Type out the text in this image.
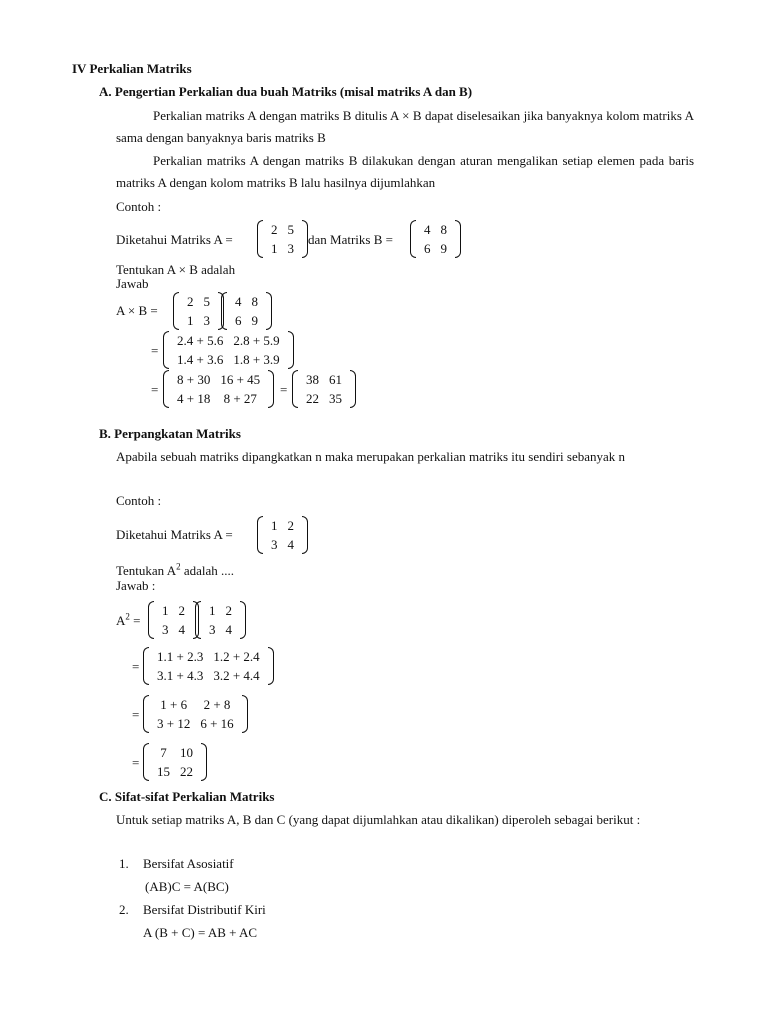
IV Perkalian Matriks
A. Pengertian Perkalian dua buah Matriks (misal matriks A dan B)
Perkalian matriks A dengan matriks B ditulis A × B dapat diselesaikan jika banyaknya kolom matriks A sama dengan banyaknya baris matriks B
Perkalian matriks A dengan matriks B dilakukan dengan aturan mengalikan setiap elemen pada baris matriks A dengan kolom matriks B lalu hasilnya dijumlahkan
Contoh :
Diketahui Matriks A =
2	5
1	3
dan Matriks B =
4	8
6	9
Tentukan A × B adalah
Jawab
A × B =
2	5
1	3
4	8
6	9
=
2.4 + 5.6	2.8 + 5.9
1.4 + 3.6	1.8 + 3.9
=
8 + 30	16 + 45
4 + 18	8 + 27
=
38	61
22	35
B. Perpangkatan Matriks
Apabila sebuah matriks dipangkatkan n maka merupakan perkalian matriks itu sendiri sebanyak n
Contoh :
Diketahui Matriks A =
1	2
3	4
Tentukan $A^2$ adalah ....
Jawab :
$A^2$ =
1	2
3	4
1	2
3	4
=
1.1 + 2.3	1.2 + 2.4
3.1 + 4.3	3.2 + 4.4
=
1 + 6	2 + 8
3 + 12	6 + 16
=
7	10
15	22
C. Sifat-sifat Perkalian Matriks
Untuk setiap matriks A, B dan C (yang dapat dijumlahkan atau dikalikan) diperoleh sebagai berikut :
1. Bersifat Asosiatif
(AB)C = A(BC)
2. Bersifat Distributif Kiri
A (B + C) = AB + AC
